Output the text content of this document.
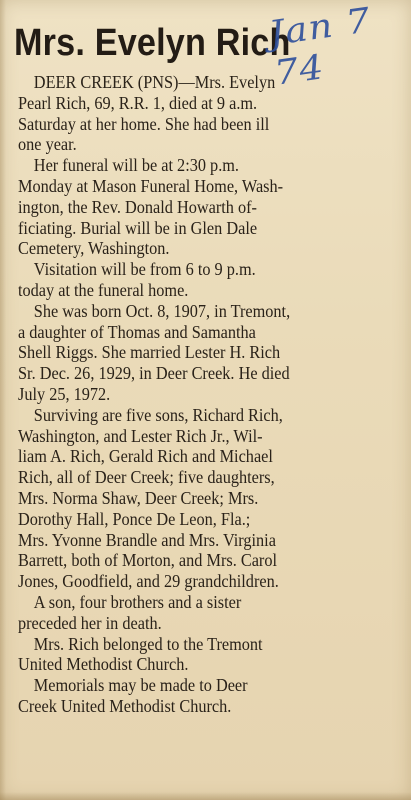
Mrs. Evelyn Rich
Jan 7 74
DEER CREEK (PNS)—Mrs. Evelyn
Pearl Rich, 69, R.R. 1, died at 9 a.m.
Saturday at her home. She had been ill
one year.
Her funeral will be at 2:30 p.m.
Monday at Mason Funeral Home, Wash-
ington, the Rev. Donald Howarth of-
ficiating. Burial will be in Glen Dale
Cemetery, Washington.
Visitation will be from 6 to 9 p.m.
today at the funeral home.
She was born Oct. 8, 1907, in Tremont,
a daughter of Thomas and Samantha
Shell Riggs. She married Lester H. Rich
Sr. Dec. 26, 1929, in Deer Creek. He died
July 25, 1972.
Surviving are five sons, Richard Rich,
Washington, and Lester Rich Jr., Wil-
liam A. Rich, Gerald Rich and Michael
Rich, all of Deer Creek; five daughters,
Mrs. Norma Shaw, Deer Creek; Mrs.
Dorothy Hall, Ponce De Leon, Fla.;
Mrs. Yvonne Brandle and Mrs. Virginia
Barrett, both of Morton, and Mrs. Carol
Jones, Goodfield, and 29 grandchildren.
A son, four brothers and a sister
preceded her in death.
Mrs. Rich belonged to the Tremont
United Methodist Church.
Memorials may be made to Deer
Creek United Methodist Church.
